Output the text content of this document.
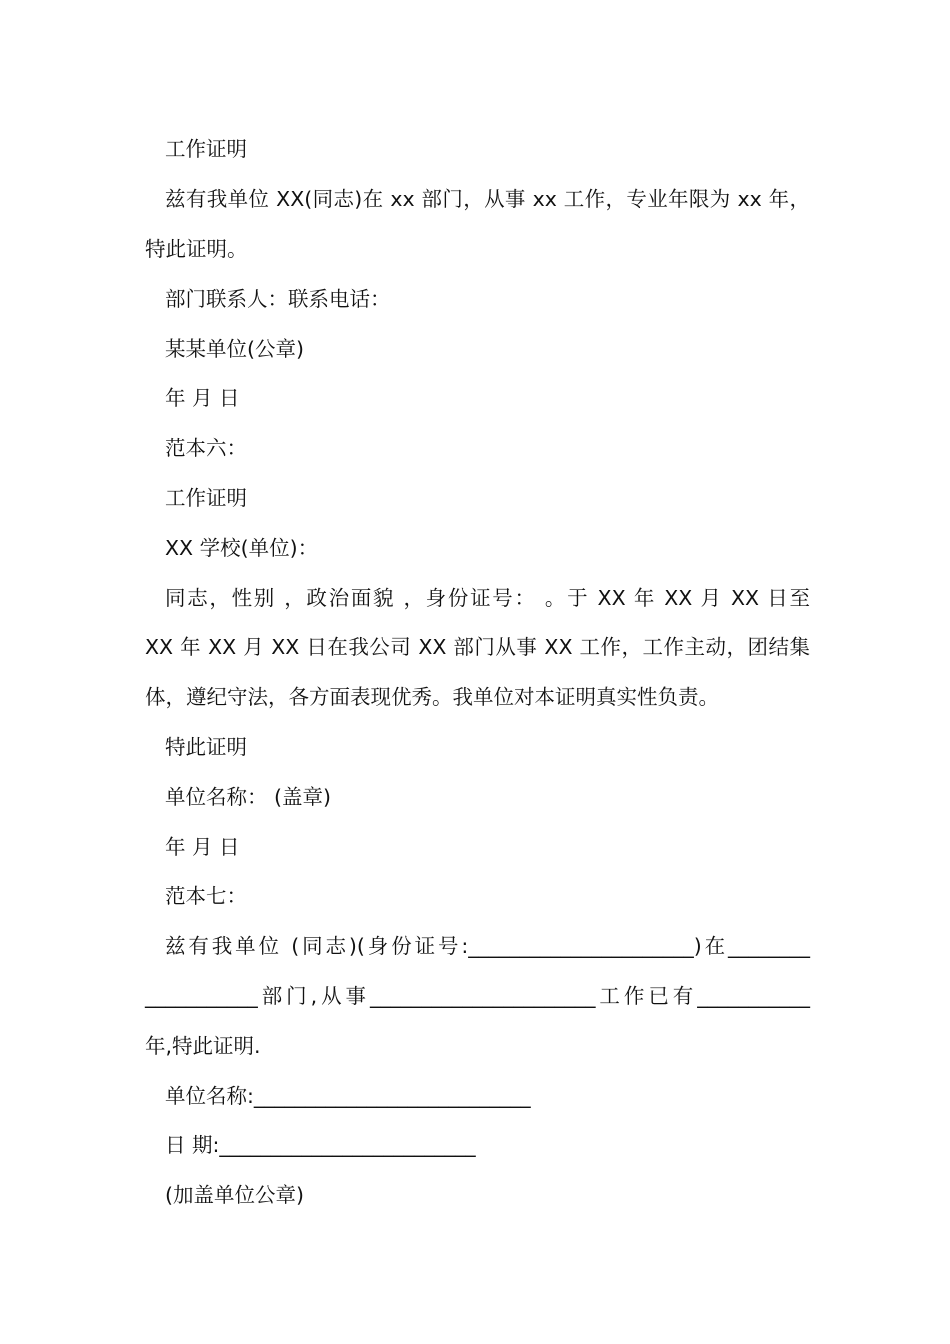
工作证明
兹有我单位 XX(同志)在 xx 部门，从事 xx 工作，专业年限为 xx 年，
特此证明。
部门联系人：联系电话：
某某单位(公章)
年 月 日
范本六：
工作证明
XX 学校(单位)：
同志，性别 ，政治面貌 ，身份证号： 。于 XX 年 XX 月 XX 日至
XX 年 XX 月 XX 日在我公司 XX 部门从事 XX 工作，工作主动，团结集
体，遵纪守法，各方面表现优秀。我单位对本证明真实性负责。
特此证明
单位名称： (盖章)
年 月 日
范本七：
兹有我单位 (同志)(身份证号:______________________)在________
___________部门,从事______________________工作已有___________
年,特此证明.
单位名称:___________________________
日 期:_________________________
(加盖单位公章)
